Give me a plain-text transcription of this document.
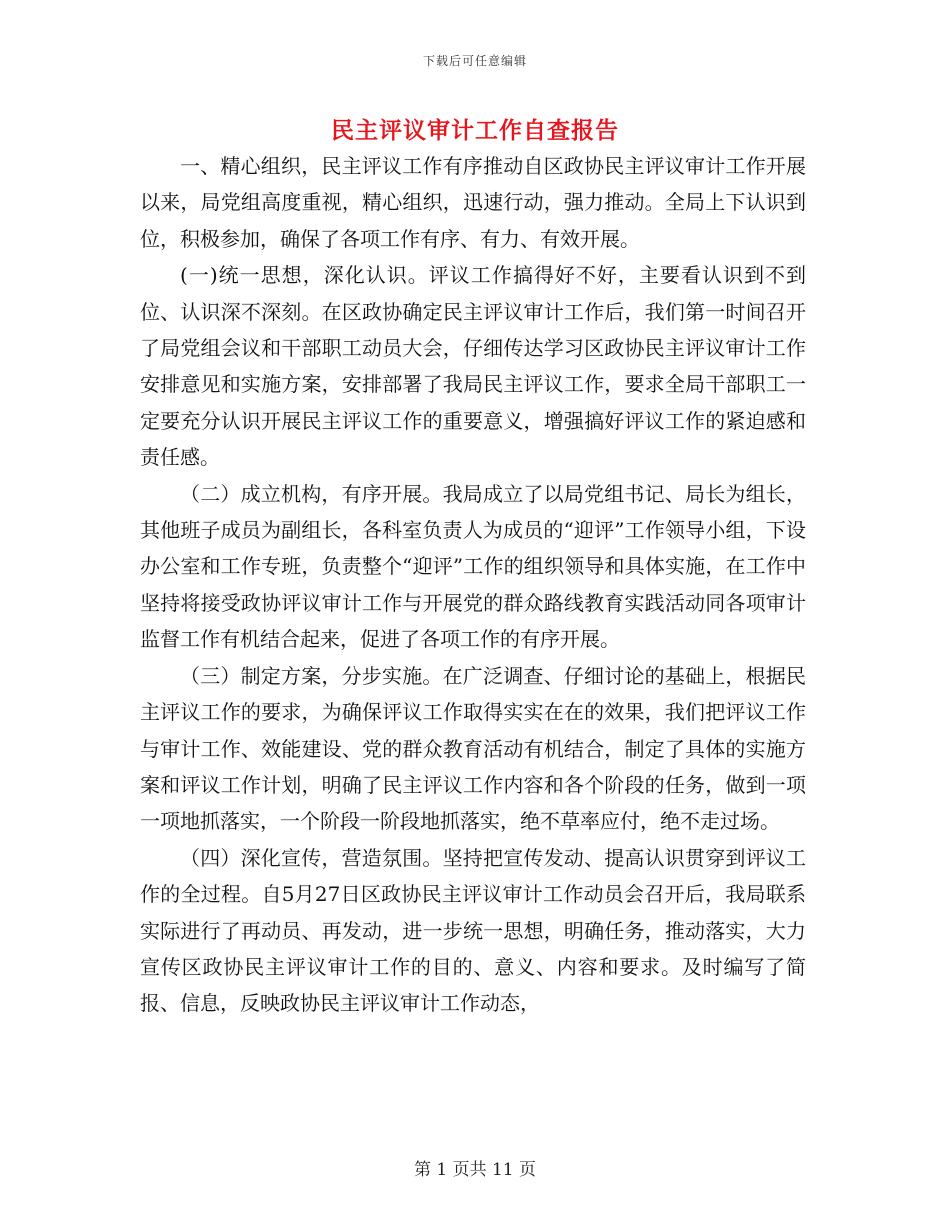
下载后可任意编辑
民主评议审计工作自查报告

一、精心组织，民主评议工作有序推动自区政协民主评议审计工作开展以来，局党组高度重视，精心组织，迅速行动，强力推动。全局上下认识到位，积极参加，确保了各项工作有序、有力、有效开展。

(一)统一思想，深化认识。评议工作搞得好不好，主要看认识到不到位、认识深不深刻。在区政协确定民主评议审计工作后，我们第一时间召开了局党组会议和干部职工动员大会，仔细传达学习区政协民主评议审计工作安排意见和实施方案，安排部署了我局民主评议工作，要求全局干部职工一定要充分认识开展民主评议工作的重要意义，增强搞好评议工作的紧迫感和责任感。

（二）成立机构，有序开展。我局成立了以局党组书记、局长为组长，其他班子成员为副组长，各科室负责人为成员的“迎评”工作领导小组，下设办公室和工作专班，负责整个“迎评”工作的组织领导和具体实施，在工作中坚持将接受政协评议审计工作与开展党的群众路线教育实践活动同各项审计监督工作有机结合起来，促进了各项工作的有序开展。

（三）制定方案，分步实施。在广泛调查、仔细讨论的基础上，根据民主评议工作的要求，为确保评议工作取得实实在在的效果，我们把评议工作与审计工作、效能建设、党的群众教育活动有机结合，制定了具体的实施方案和评议工作计划，明确了民主评议工作内容和各个阶段的任务，做到一项一项地抓落实，一个阶段一阶段地抓落实，绝不草率应付，绝不走过场。

（四）深化宣传，营造氛围。坚持把宣传发动、提高认识贯穿到评议工作的全过程。自5月27日区政协民主评议审计工作动员会召开后，我局联系实际进行了再动员、再发动，进一步统一思想，明确任务，推动落实，大力宣传区政协民主评议审计工作的目的、意义、内容和要求。及时编写了简报、信息，反映政协民主评议审计工作动态，

第 1 页共 11 页
